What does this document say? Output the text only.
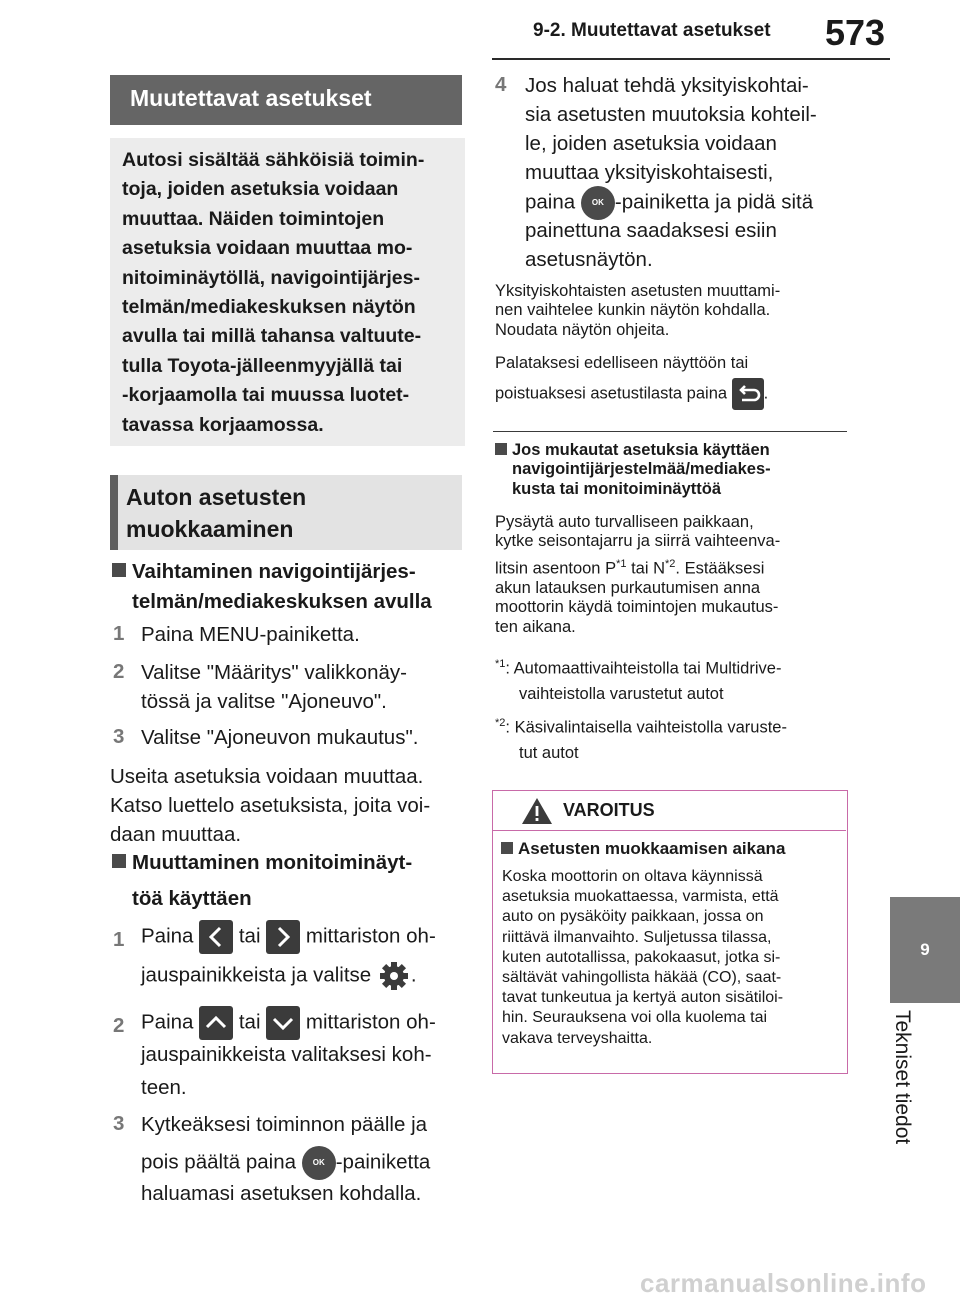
9-2. Muutettavat asetukset 573
9
Tekniset tiedot
Muutettavat asetukset
Autosi sisältää sähköisiä toimin-
toja, joiden asetuksia voidaan
muuttaa. Näiden toimintojen
asetuksia voidaan muuttaa mo-
nitoiminäytöllä, navigointijärjes-
telmän/mediakeskuksen näytön
avulla tai millä tahansa valtuute-
tulla Toyota-jälleenmyyjällä tai
-korjaamolla tai muussa luotet-
tavassa korjaamossa.
Auton asetusten
muokkaaminen
Vaihtaminen navigointijärjes-
telmän/mediakeskuksen avulla
1 Paina MENU-painiketta.
2 Valitse "Määritys" valikkonäy-
tössä ja valitse "Ajoneuvo".
3 Valitse "Ajoneuvon mukautus".
Useita asetuksia voidaan muuttaa.
Katso luettelo asetuksista, joita voi-
daan muuttaa.
Muuttaminen monitoiminäyt-
töä käyttäen
1 Paina tai mittariston oh-
jauspainikkeista ja valitse .
2 Paina tai mittariston oh-
jauspainikkeista valitaksesi koh-
teen.
3 Kytkeäksesi toiminnon päälle ja
pois päältä paina OK -painiketta
haluamasi asetuksen kohdalla.
4 Jos haluat tehdä yksityiskohtai-
sia asetusten muutoksia kohteil-
le, joiden asetuksia voidaan
muuttaa yksityiskohtaisesti,
paina OK -painiketta ja pidä sitä
painettuna saadaksesi esiin
asetusnäytön.
Yksityiskohtaisten asetusten muuttami-
nen vaihtelee kunkin näytön kohdalla.
Noudata näytön ohjeita.
Palataksesi edelliseen näyttöön tai
poistuaksesi asetustilasta paina .
Jos mukautat asetuksia käyttäen
navigointijärjestelmää/mediakes-
kusta tai monitoiminäyttöä
Pysäytä auto turvalliseen paikkaan,
kytke seisontajarru ja siirrä vaihteenva-
litsin asentoon $P^{*1}$ tai $N^{*2}$. Estääksesi
akun latauksen purkautumisen anna
moottorin käydä toimintojen mukautus-
ten aikana.
$^{*1}$: Automaattivaihteistolla tai Multidrive-
vaihteistolla varustetut autot
$^{*2}$: Käsivalintaisella vaihteistolla varuste-
tut autot
VAROITUS
Asetusten muokkaamisen aikana
Koska moottorin on oltava käynnissä
asetuksia muokattaessa, varmista, että
auto on pysäköity paikkaan, jossa on
riittävä ilmanvaihto. Suljetussa tilassa,
kuten autotallissa, pakokaasut, jotka si-
sältävät vahingollista häkää (CO), saat-
tavat tunkeutua ja kertyä auton sisätiloi-
hin. Seurauksena voi olla kuolema tai
vakava terveyshaitta.
carmanualsonline.info
